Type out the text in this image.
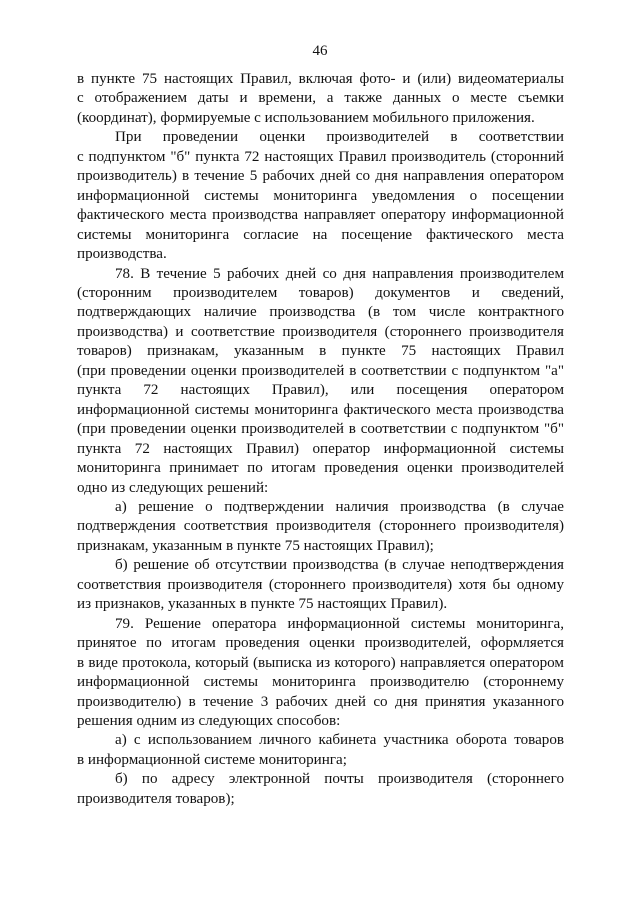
46
в пункте 75 настоящих Правил, включая фото- и (или) видеоматериалы
с отображением даты и времени, а также данных о месте съемки
(координат), формируемые с использованием мобильного приложения.
При проведении оценки производителей в соответствии
с подпунктом "б" пункта 72 настоящих Правил производитель (сторонний
производитель) в течение 5 рабочих дней со дня направления оператором
информационной системы мониторинга уведомления о посещении
фактического места производства направляет оператору информационной
системы мониторинга согласие на посещение фактического места
производства.
78. В течение 5 рабочих дней со дня направления производителем
(сторонним производителем товаров) документов и сведений,
подтверждающих наличие производства (в том числе контрактного
производства) и соответствие производителя (стороннего производителя
товаров) признакам, указанным в пункте 75 настоящих Правил
(при проведении оценки производителей в соответствии с подпунктом "а"
пункта 72 настоящих Правил), или посещения оператором
информационной системы мониторинга фактического места производства
(при проведении оценки производителей в соответствии с подпунктом "б"
пункта 72 настоящих Правил) оператор информационной системы
мониторинга принимает по итогам проведения оценки производителей
одно из следующих решений:
а) решение о подтверждении наличия производства (в случае
подтверждения соответствия производителя (стороннего производителя)
признакам, указанным в пункте 75 настоящих Правил);
б) решение об отсутствии производства (в случае неподтверждения
соответствия производителя (стороннего производителя) хотя бы одному
из признаков, указанных в пункте 75 настоящих Правил).
79. Решение оператора информационной системы мониторинга,
принятое по итогам проведения оценки производителей, оформляется
в виде протокола, который (выписка из которого) направляется оператором
информационной системы мониторинга производителю (стороннему
производителю) в течение 3 рабочих дней со дня принятия указанного
решения одним из следующих способов:
а) с использованием личного кабинета участника оборота товаров
в информационной системе мониторинга;
б) по адресу электронной почты производителя (стороннего
производителя товаров);
